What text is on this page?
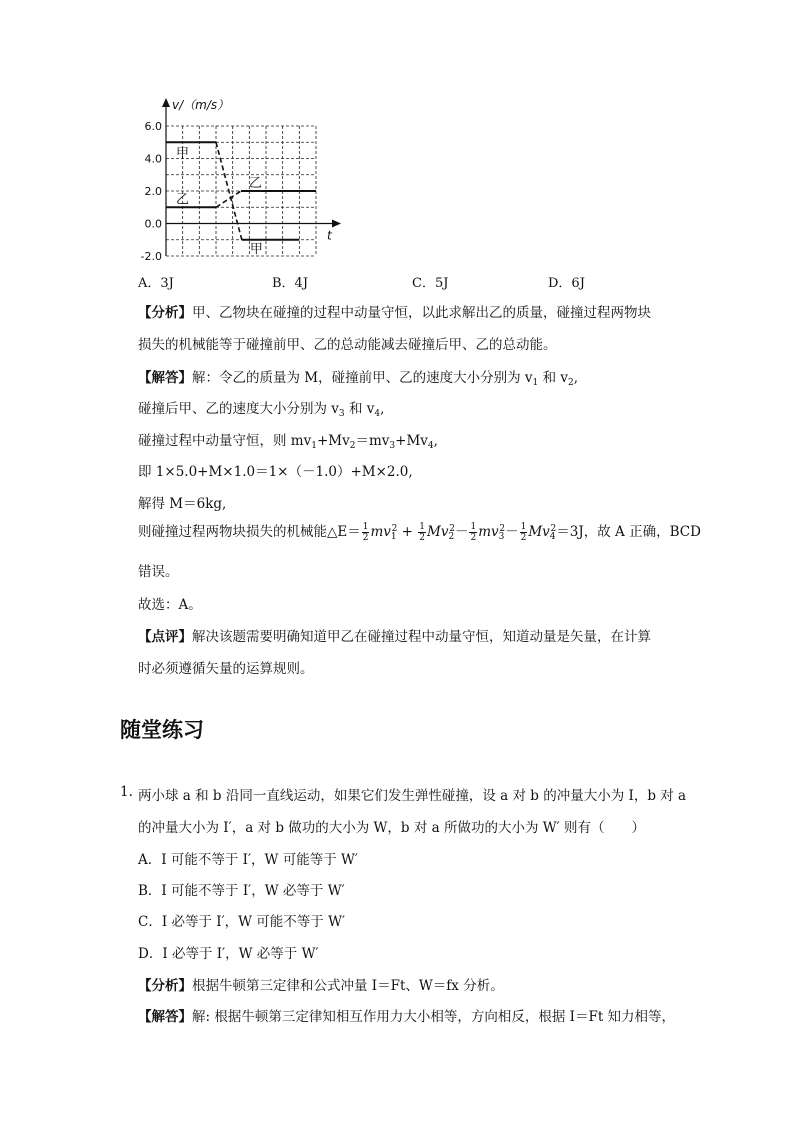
6.0
4.0
2.0
0.0
-2.0
v/（m/s）
t
甲
甲
乙
乙
A．3J	B．4J	C．5J	D．6J
【分析】甲、乙物块在碰撞的过程中动量守恒，以此求解出乙的质量，碰撞过程两物块
损失的机械能等于碰撞前甲、乙的总动能减去碰撞后甲、乙的总动能。
【解答】解：令乙的质量为 M，碰撞前甲、乙的速度大小分别为 $v_1$ 和 $v_2$,
碰撞后甲、乙的速度大小分别为 $v_3$ 和 $v_4$,
碰撞过程中动量守恒，则 $mv_1+Mv_2=mv_3+Mv_4$,
即 1×5.0+M×1.0＝1×（－1.0）+M×2.0,
解得 M＝6kg,
则碰撞过程两物块损失的机械能△E＝ $\frac{1}{2} mv_1^2 + \frac{1}{2} Mv_2^2- \frac{1}{2} mv_3^2- \frac{1}{2} Mv_4^2=3J$，故 A 正确，BCD
错误。
故选：A。
【点评】解决该题需要明确知道甲乙在碰撞过程中动量守恒，知道动量是矢量，在计算
时必须遵循矢量的运算规则。
随堂练习
1. 两小球 a 和 b 沿同一直线运动，如果它们发生弹性碰撞，设 a 对 b 的冲量大小为 I，b 对 a
的冲量大小为 I′，a 对 b 做功的大小为 W，b 对 a 所做功的大小为 W′ 则有（　　）
A．I 可能不等于 I′，W 可能等于 W′
B．I 可能不等于 I′，W 必等于 W′
C．I 必等于 I′，W 可能不等于 W′
D．I 必等于 I′，W 必等于 W′
【分析】根据牛顿第三定律和公式冲量 I＝Ft、W＝fx 分析。
【解答】解: 根据牛顿第三定律知相互作用力大小相等，方向相反，根据 I＝Ft 知力相等，
